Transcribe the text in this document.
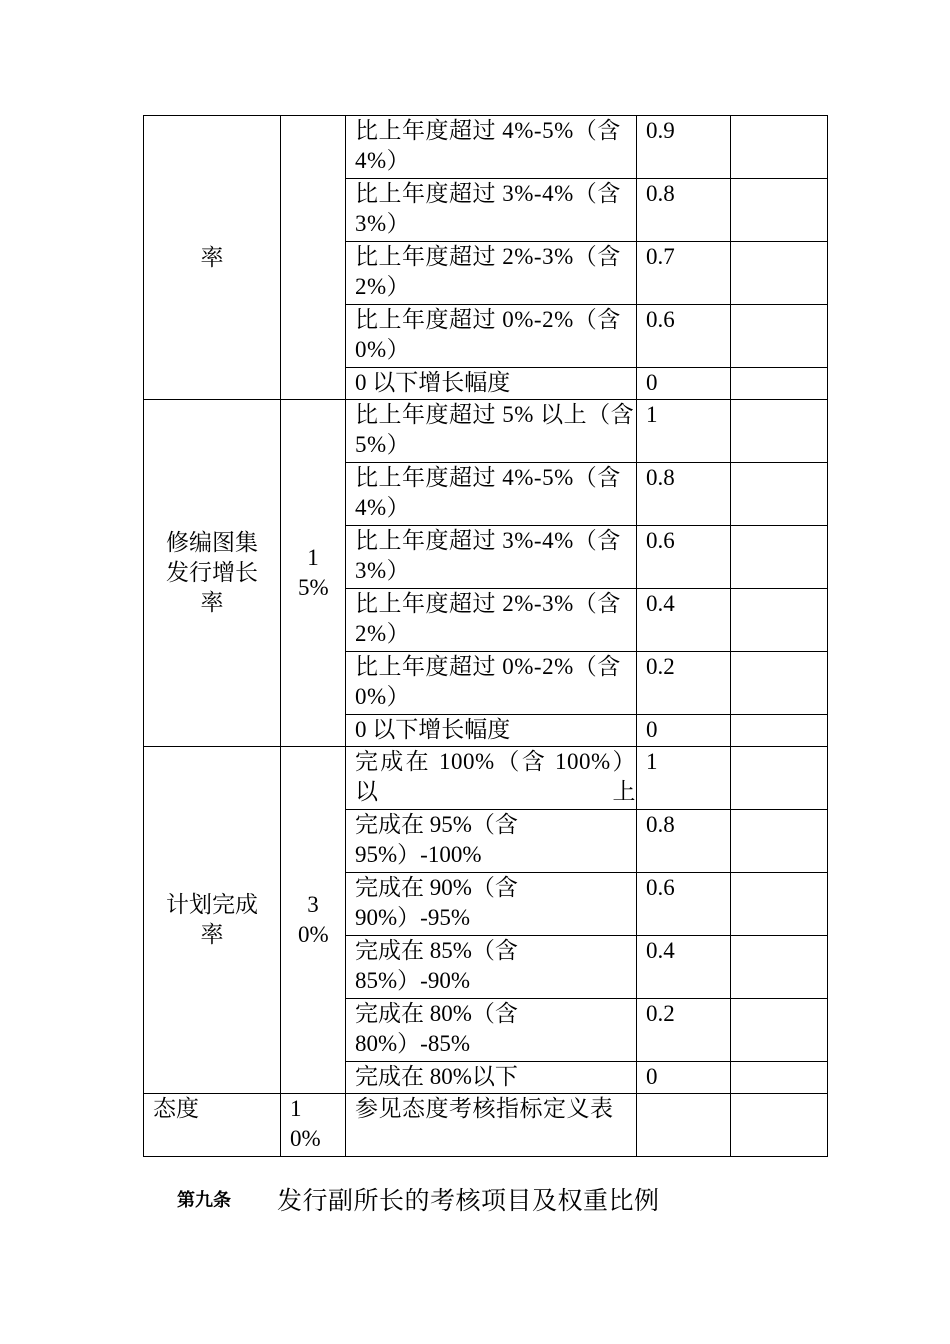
率		比上年度超过 4%-5%（含 4%）	0.9	
		比上年度超过 3%-4%（含 3%）	0.8	
		比上年度超过 2%-3%（含 2%）	0.7	
		比上年度超过 0%-2%（含 0%）	0.6	
		0 以下增长幅度	0	

修编图集发行增长率	15%	比上年度超过 5% 以上（含 5%）	1	
		比上年度超过 4%-5%（含 4%）	0.8	
		比上年度超过 3%-4%（含 3%）	0.6	
		比上年度超过 2%-3%（含 2%）	0.4	
		比上年度超过 0%-2%（含 0%）	0.2	
		0 以下增长幅度	0	

计划完成率	30%	完成在 100%（含 100%）以上	1	
		完成在 95%（含 95%）-100%	0.8	
		完成在 90%（含 90%）-95%	0.6	
		完成在 85%（含 85%）-90%	0.4	
		完成在 80%（含 80%）-85%	0.2	
		完成在 80%以下	0	
态度	10%	参见态度考核指标定义表		
第九条 发行副所长的考核项目及权重比例
